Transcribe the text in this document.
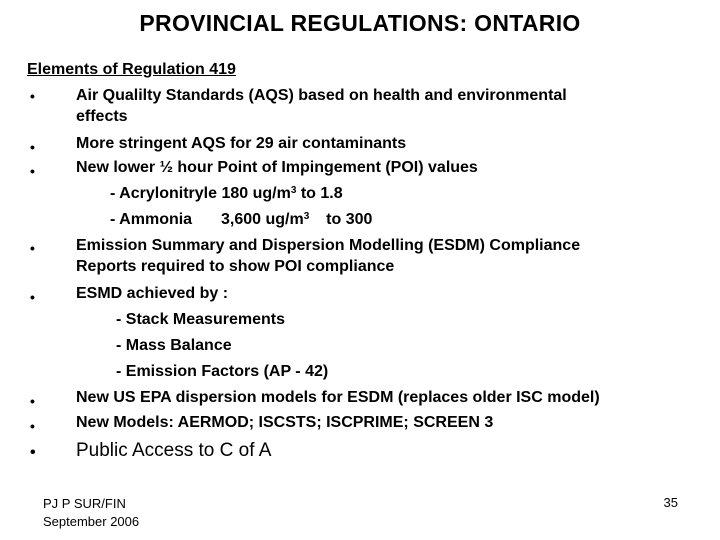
PROVINCIAL REGULATIONS: ONTARIO
Elements of Regulation 419
•	Air Qualilty Standards (AQS) based on health and environmental
effects
•	More stringent AQS for 29 air contaminants
•	New lower ½ hour Point of Impingement (POI) values
- Acrylonitryle 180 $ug/m^3$ to 1.8
- Ammonia 3,600 $ug/m^3$ to 300
•	Emission Summary and Dispersion Modelling (ESDM) Compliance
Reports required to show POI compliance
•	ESMD achieved by :
- Stack Measurements
- Mass Balance
- Emission Factors (AP - 42)
•	New US EPA dispersion models for ESDM (replaces older ISC model)
•	New Models: AERMOD; ISCSTS; ISCPRIME; SCREEN 3
• Public Access to C of A
PJ P SUR/FIN
September 2006
35
